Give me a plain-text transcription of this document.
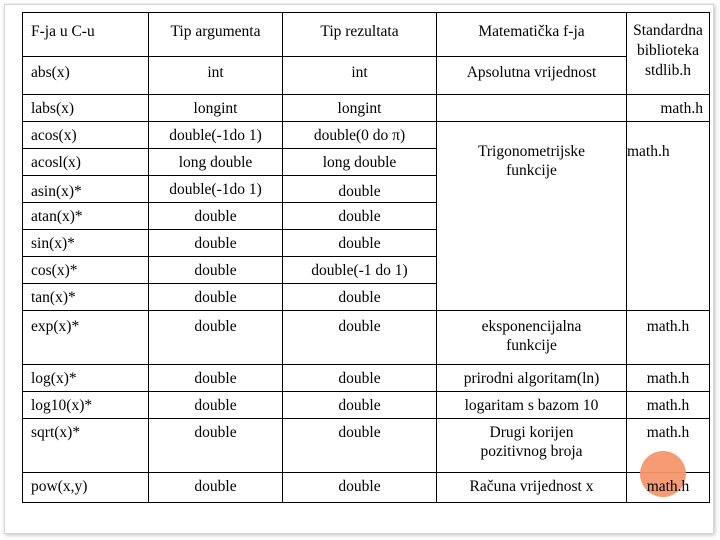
F-ja u C-u	Tip argumenta	Tip rezultata	Matematička f-ja	Standardna biblioteka
stdlib.h

abs(x)	int	int	Apsolutna vrijednost	

labs(x)	longint	longint		math.h

acos(x)	double(-1do 1)	double(0 do π)	Trigonometrijske funkcije	math.h

acosl(x)	long double	long double		

asin(x)*	double(-1do 1)	double		

atan(x)*	double	double		

sin(x)*	double	double		

cos(x)*	double	double(-1 do 1)		

tan(x)*	double	double		

exp(x)*	double	double	eksponencijalna funkcije	math.h

log(x)*	double	double	prirodni algoritam(ln)	math.h

log10(x)*	double	double	logaritam s bazom 10	math.h

sqrt(x)*	double	double	Drugi korijen pozitivnog broja	math.h

pow(x,y)	double	double	Računa vrijednost x	math.h
